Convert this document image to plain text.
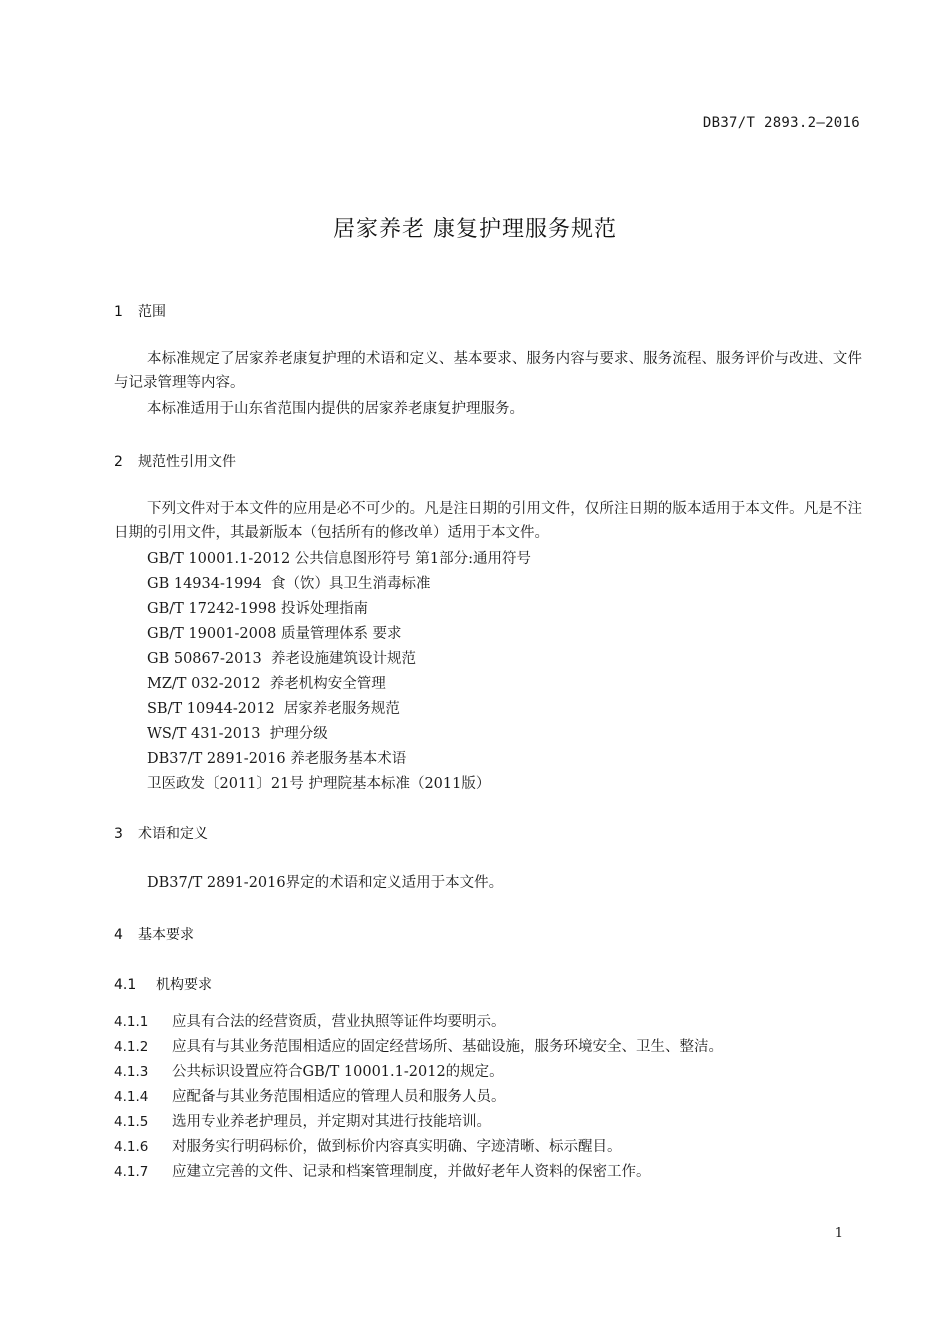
DB37/T 2893.2—2016
居家养老 康复护理服务规范
1 范围
本标准规定了居家养老康复护理的术语和定义、基本要求、服务内容与要求、服务流程、服务评价与改进、文件与记录管理等内容。
本标准适用于山东省范围内提供的居家养老康复护理服务。
2 规范性引用文件
下列文件对于本文件的应用是必不可少的。凡是注日期的引用文件，仅所注日期的版本适用于本文件。凡是不注日期的引用文件，其最新版本（包括所有的修改单）适用于本文件。
GB/T 10001.1-2012 公共信息图形符号 第1部分:通用符号
GB 14934-1994  食（饮）具卫生消毒标准
GB/T 17242-1998 投诉处理指南
GB/T 19001-2008 质量管理体系 要求
GB 50867-2013  养老设施建筑设计规范
MZ/T 032-2012  养老机构安全管理
SB/T 10944-2012  居家养老服务规范
WS/T 431-2013  护理分级
DB37/T 2891-2016 养老服务基本术语
卫医政发〔2011〕21号 护理院基本标准（2011版）
3 术语和定义
DB37/T 2891-2016界定的术语和定义适用于本文件。
4 基本要求
4.1 机构要求
4.1.1 应具有合法的经营资质，营业执照等证件均要明示。
4.1.2 应具有与其业务范围相适应的固定经营场所、基础设施，服务环境安全、卫生、整洁。
4.1.3 公共标识设置应符合GB/T 10001.1-2012的规定。
4.1.4 应配备与其业务范围相适应的管理人员和服务人员。
4.1.5 选用专业养老护理员，并定期对其进行技能培训。
4.1.6 对服务实行明码标价，做到标价内容真实明确、字迹清晰、标示醒目。
4.1.7 应建立完善的文件、记录和档案管理制度，并做好老年人资料的保密工作。
1
